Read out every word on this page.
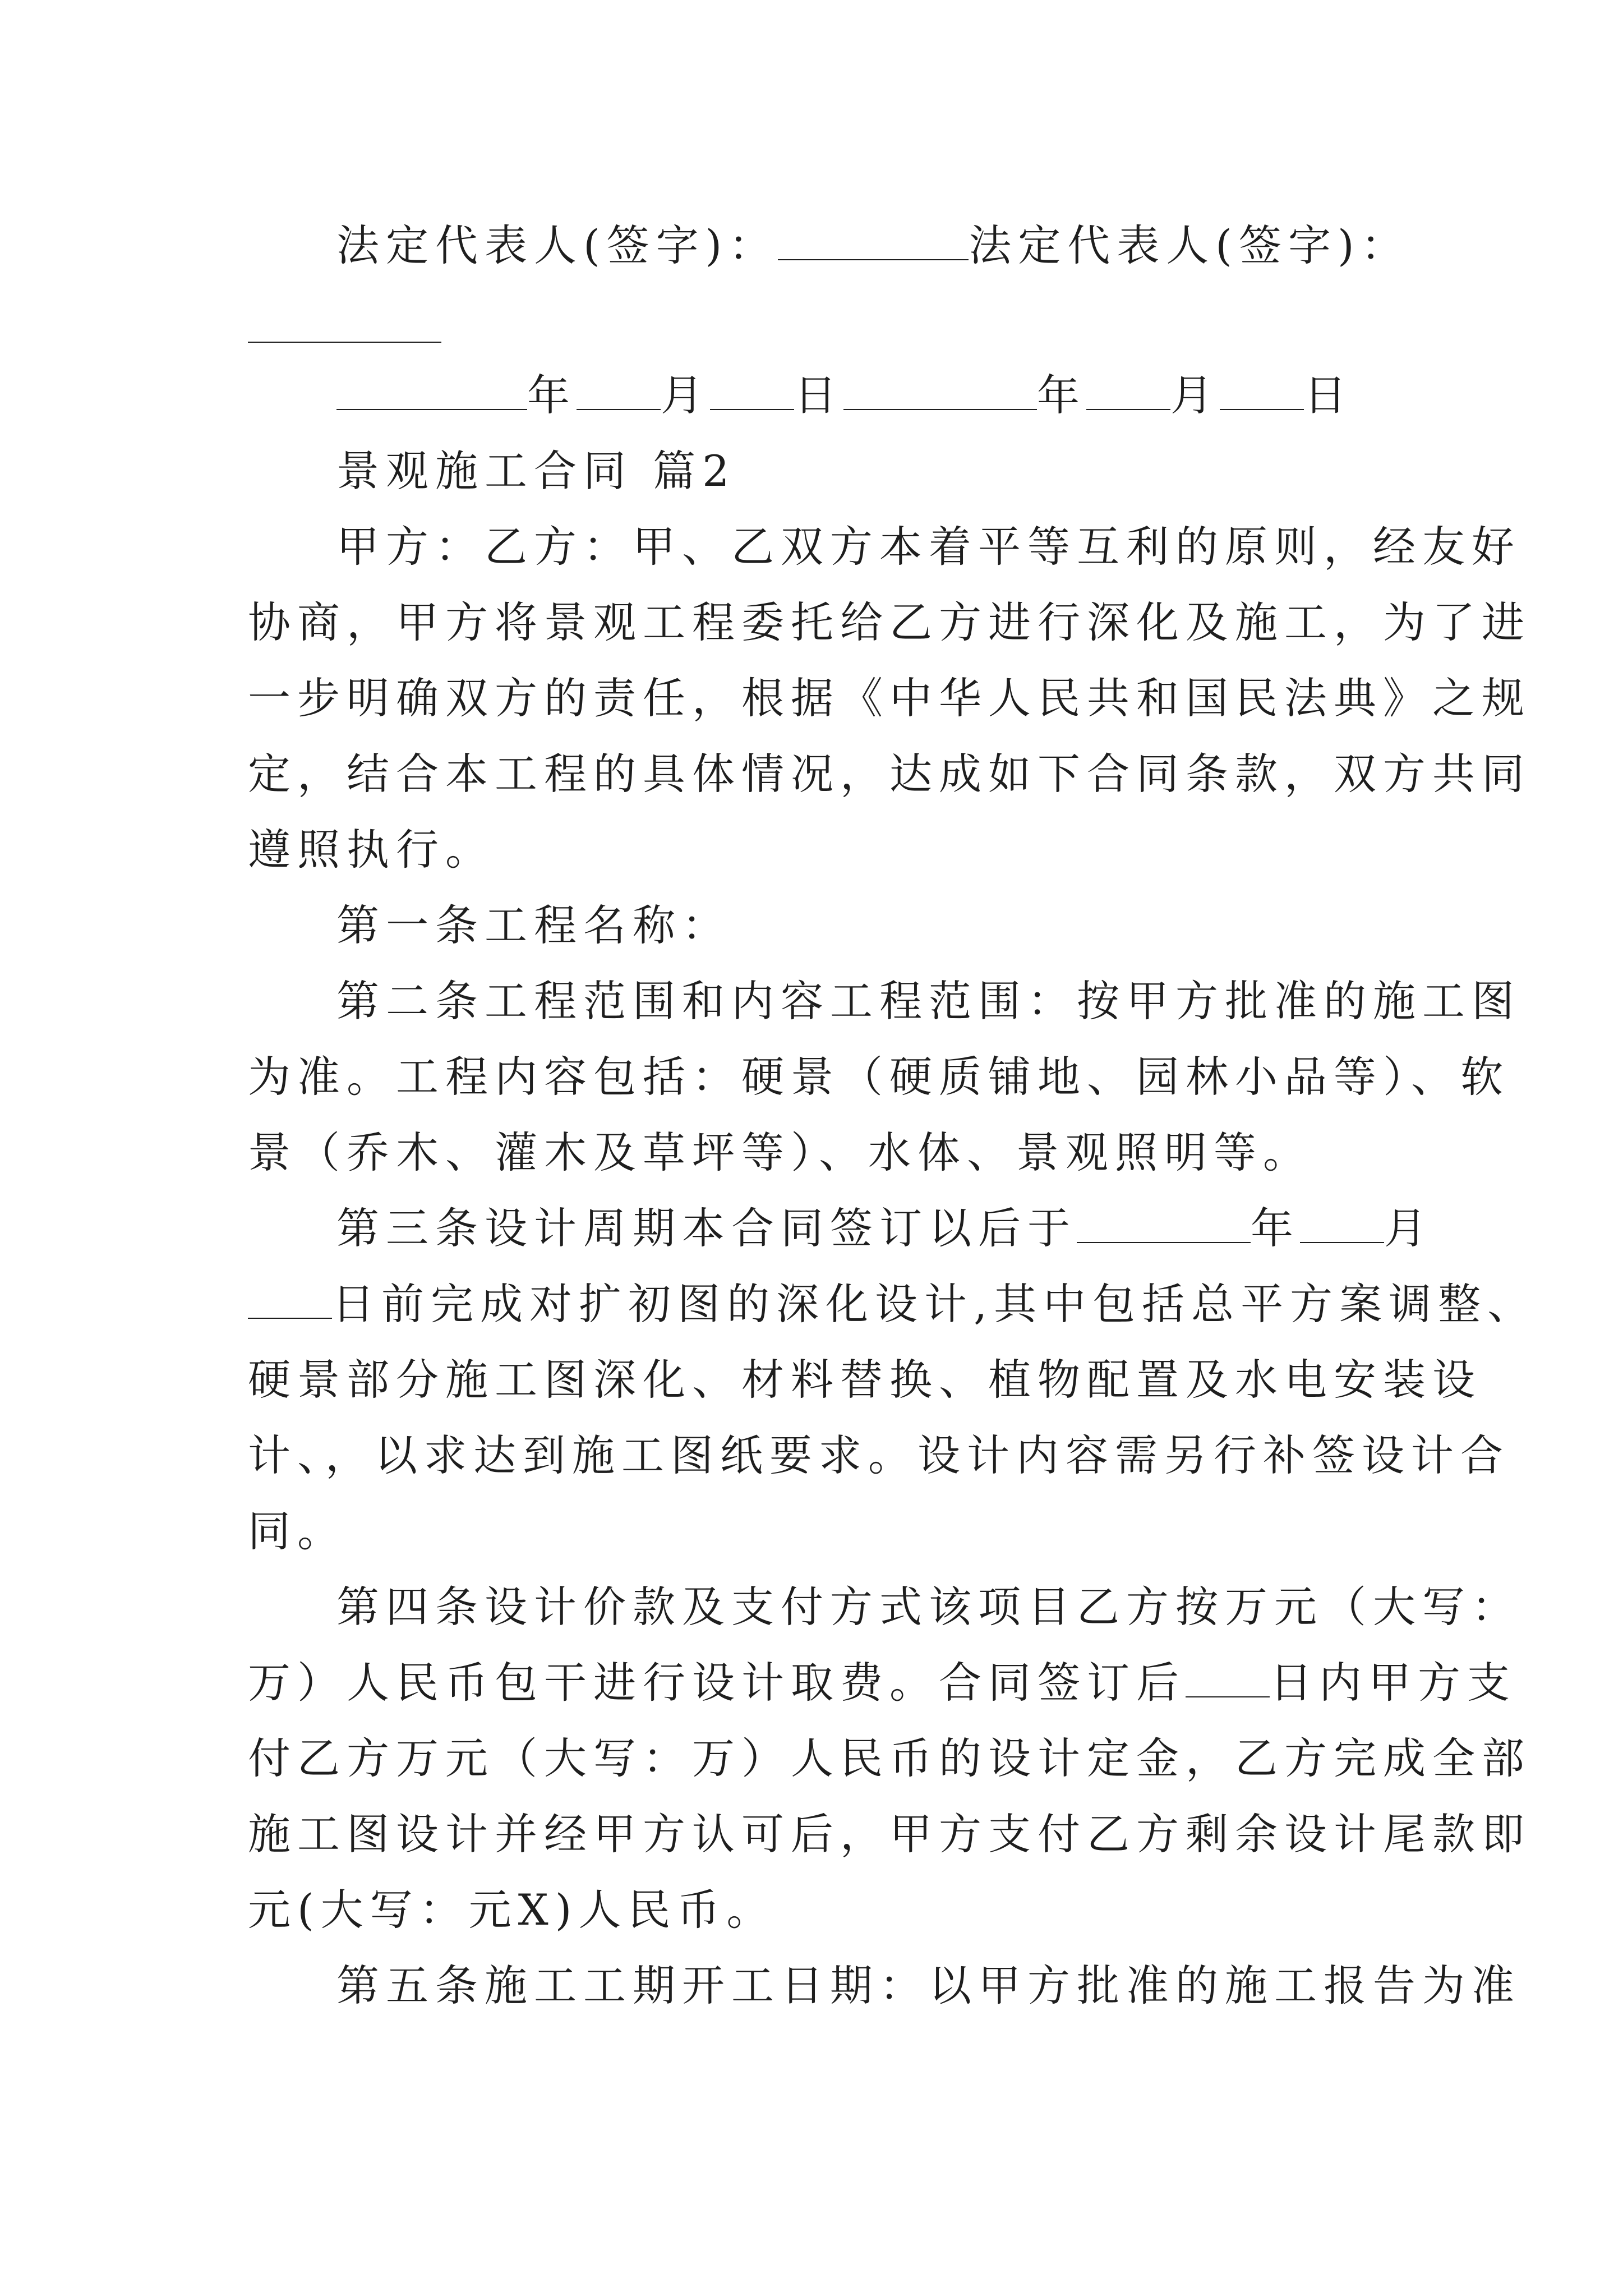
法定代表人(签字)：	法定代表人(签字)：
年 月 日	年 月 日
景观施工合同 篇2
甲方：乙方：甲、乙双方本着平等互利的原则，经友好
协商，甲方将景观工程委托给乙方进行深化及施工，为了进
一步明确双方的责任，根据《中华人民共和国民法典》之规
定，结合本工程的具体情况，达成如下合同条款，双方共同
遵照执行。
第一条工程名称：
第二条工程范围和内容工程范围：按甲方批准的施工图
为准。工程内容包括：硬景（硬质铺地、园林小品等）、软
景（乔木、灌木及草坪等）、水体、景观照明等。
第三条设计周期本合同签订以后于	年 月
日前完成对扩初图的深化设计,其中包括总平方案调整、
硬景部分施工图深化、材料替换、植物配置及水电安装设
计、，以求达到施工图纸要求。设计内容需另行补签设计合
同。
第四条设计价款及支付方式该项目乙方按万元（大写：
万）人民币包干进行设计取费。合同签订后 日内甲方支
付乙方万元（大写：万）人民币的设计定金，乙方完成全部
施工图设计并经甲方认可后，甲方支付乙方剩余设计尾款即
元(大写：元X)人民币。
第五条施工工期开工日期：以甲方批准的施工报告为准
